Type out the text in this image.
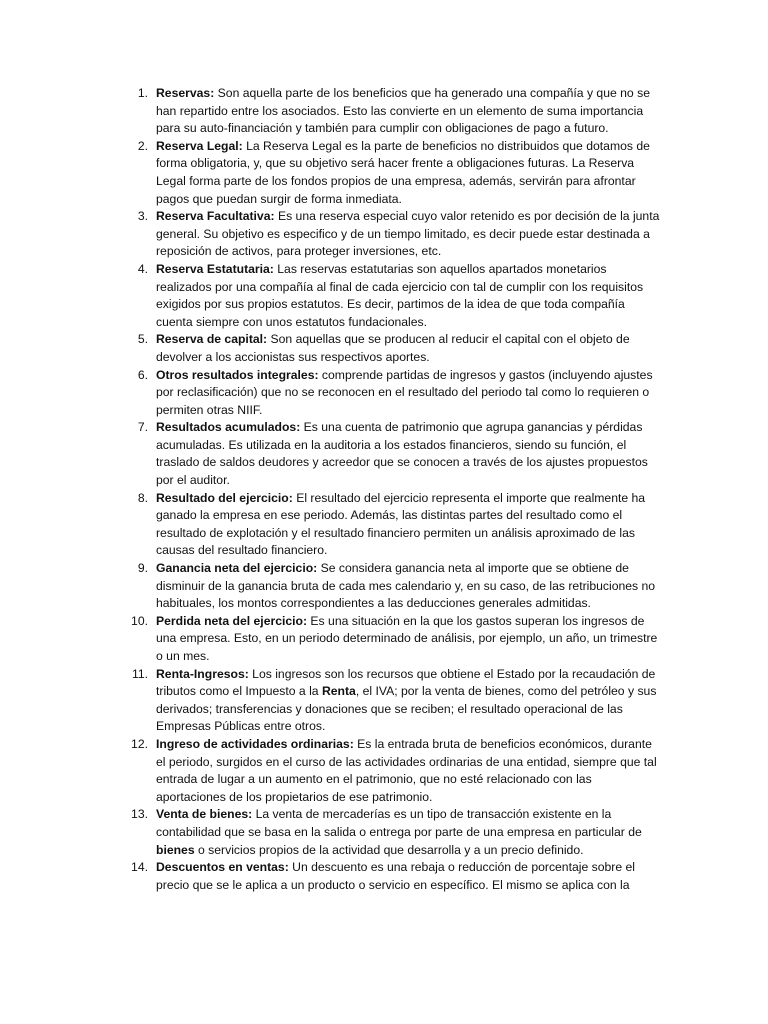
1. Reservas: Son aquella parte de los beneficios que ha generado una compañía y que no se han repartido entre los asociados. Esto las convierte en un elemento de suma importancia para su auto-financiación y también para cumplir con obligaciones de pago a futuro.
2. Reserva Legal: La Reserva Legal es la parte de beneficios no distribuidos que dotamos de forma obligatoria, y, que su objetivo será hacer frente a obligaciones futuras. La Reserva Legal forma parte de los fondos propios de una empresa, además, servirán para afrontar pagos que puedan surgir de forma inmediata.
3. Reserva Facultativa: Es una reserva especial cuyo valor retenido es por decisión de la junta general. Su objetivo es especifico y de un tiempo limitado, es decir puede estar destinada a reposición de activos, para proteger inversiones, etc.
4. Reserva Estatutaria: Las reservas estatutarias son aquellos apartados monetarios realizados por una compañía al final de cada ejercicio con tal de cumplir con los requisitos exigidos por sus propios estatutos. Es decir, partimos de la idea de que toda compañía cuenta siempre con unos estatutos fundacionales.
5. Reserva de capital: Son aquellas que se producen al reducir el capital con el objeto de devolver a los accionistas sus respectivos aportes.
6. Otros resultados integrales: comprende partidas de ingresos y gastos (incluyendo ajustes por reclasificación) que no se reconocen en el resultado del periodo tal como lo requieren o permiten otras NIIF.
7. Resultados acumulados: Es una cuenta de patrimonio que agrupa ganancias y pérdidas acumuladas. Es utilizada en la auditoria a los estados financieros, siendo su función, el traslado de saldos deudores y acreedor que se conocen a través de los ajustes propuestos por el auditor.
8. Resultado del ejercicio: El resultado del ejercicio representa el importe que realmente ha ganado la empresa en ese periodo. Además, las distintas partes del resultado como el resultado de explotación y el resultado financiero permiten un análisis aproximado de las causas del resultado financiero.
9. Ganancia neta del ejercicio: Se considera ganancia neta al importe que se obtiene de disminuir de la ganancia bruta de cada mes calendario y, en su caso, de las retribuciones no habituales, los montos correspondientes a las deducciones generales admitidas.
10. Perdida neta del ejercicio: Es una situación en la que los gastos superan los ingresos de una empresa. Esto, en un periodo determinado de análisis, por ejemplo, un año, un trimestre o un mes.
11. Renta-Ingresos: Los ingresos son los recursos que obtiene el Estado por la recaudación de tributos como el Impuesto a la Renta, el IVA; por la venta de bienes, como del petróleo y sus derivados; transferencias y donaciones que se reciben; el resultado operacional de las Empresas Públicas entre otros.
12. Ingreso de actividades ordinarias: Es la entrada bruta de beneficios económicos, durante el periodo, surgidos en el curso de las actividades ordinarias de una entidad, siempre que tal entrada de lugar a un aumento en el patrimonio, que no esté relacionado con las aportaciones de los propietarios de ese patrimonio.
13. Venta de bienes: La venta de mercaderías es un tipo de transacción existente en la contabilidad que se basa en la salida o entrega por parte de una empresa en particular de bienes o servicios propios de la actividad que desarrolla y a un precio definido.
14. Descuentos en ventas: Un descuento es una rebaja o reducción de porcentaje sobre el precio que se le aplica a un producto o servicio en específico. El mismo se aplica con la
